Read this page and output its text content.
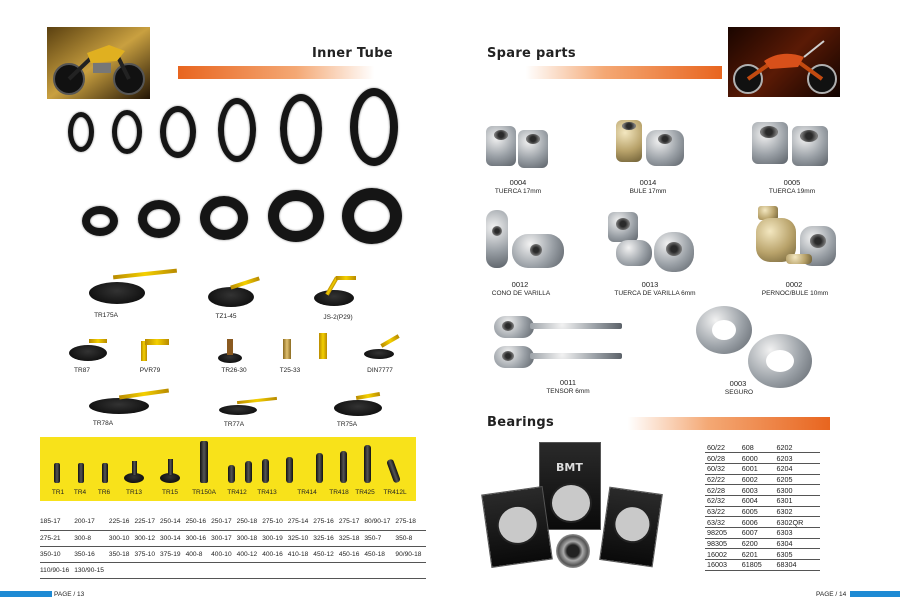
Inner Tube
TR175A	TZ1-45	JS-2(P29)
TR87	PVR79	TR26-30	T25-33	DIN7777
TR78A	TR77A	TR75A
TR1	TR4	TR6	TR13	TR15	TR150A	TR412	TR413	TR414	TR418 TR425	TR412L
185-17	200-17	225-16	225-17	250-14	250-16	250-17	250-18	275-10	275-14	275-16	275-17	80/90-17	275-18
275-21	300-8	300-10	300-12	300-14	300-16	300-17	300-18	300-19	325-10	325-16	325-18	350-7	350-8
350-10	350-16	350-18	375-10	375-19	400-8	400-10	400-12	400-16	410-18	450-12	450-16	450-18	90/90-18
110/90-16	130/90-15												
PAGE / 13
Spare parts
0004
TUERCA 17mm
0014
BULE 17mm
0005
TUERCA 19mm
0012
CONO DE VARILLA
0013
TUERCA DE VARILLA 6mm
0002
PERNOC/BULE 10mm
0011
TENSOR 6mm
0003
SEGURO
Bearings
BMT
60/22	608	6202
60/28	6000	6203
60/32	6001	6204
62/22	6002	6205
62/28	6003	6300
62/32	6004	6301
63/22	6005	6302
63/32	6006	6302QR
98205	6007	6303
98305	6200	6304
16002	6201	6305
16003	61805	68304
PAGE / 14
